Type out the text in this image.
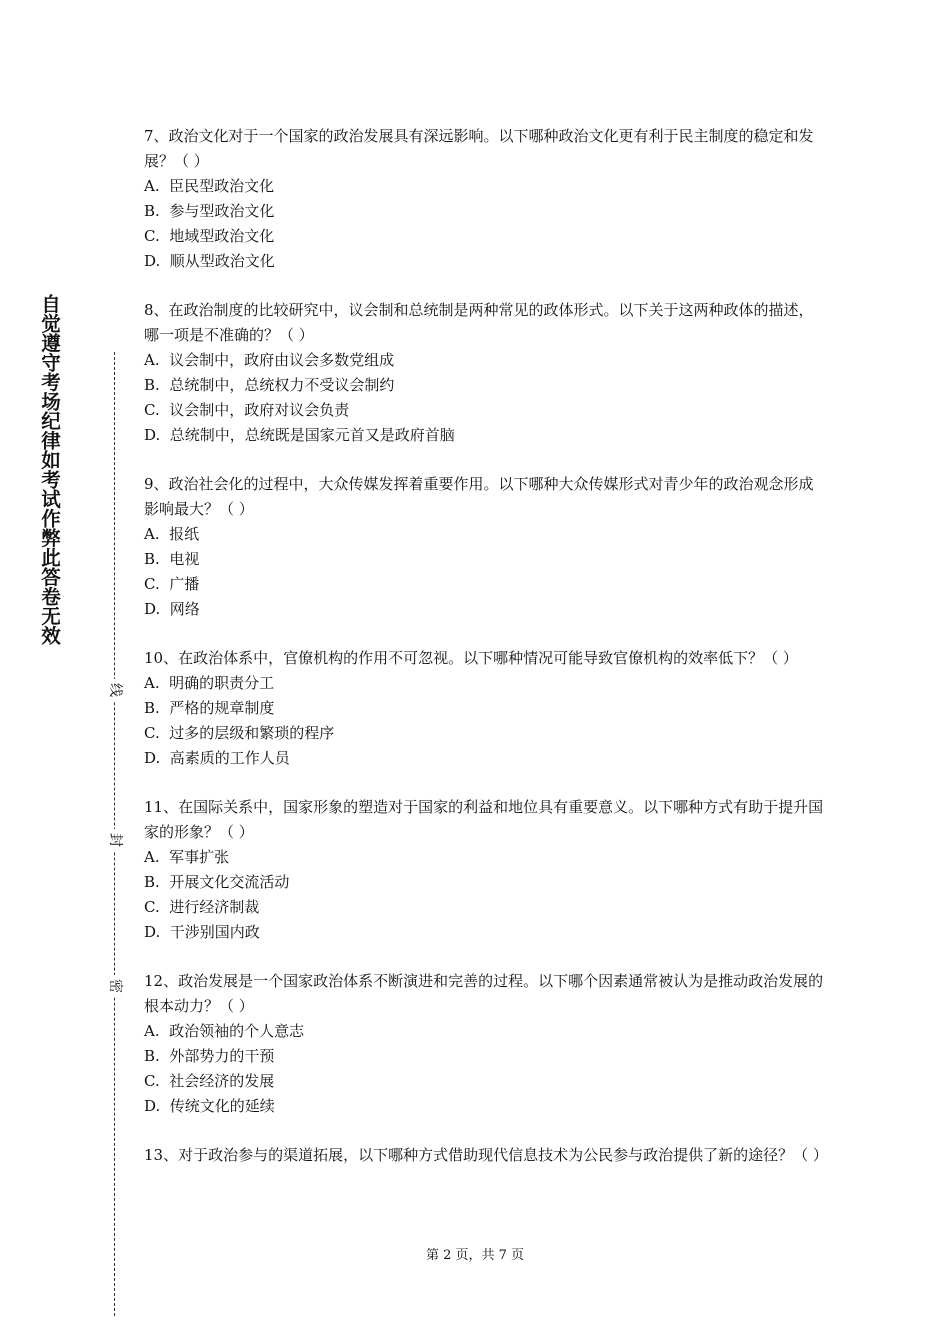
自觉遵守考场纪律如考试作弊此答卷无效
线
封
密
7、政治文化对于一个国家的政治发展具有深远影响。以下哪种政治文化更有利于民主制度的稳定和发展？（ ）
A.  臣民型政治文化
B.  参与型政治文化
C.  地域型政治文化
D.  顺从型政治文化
8、在政治制度的比较研究中，议会制和总统制是两种常见的政体形式。以下关于这两种政体的描述，哪一项是不准确的？（ ）
A.  议会制中，政府由议会多数党组成
B.  总统制中，总统权力不受议会制约
C.  议会制中，政府对议会负责
D.  总统制中，总统既是国家元首又是政府首脑
9、政治社会化的过程中，大众传媒发挥着重要作用。以下哪种大众传媒形式对青少年的政治观念形成影响最大？（ ）
A.  报纸
B.  电视
C.  广播
D.  网络
10、在政治体系中，官僚机构的作用不可忽视。以下哪种情况可能导致官僚机构的效率低下？（ ）
A.  明确的职责分工
B.  严格的规章制度
C.  过多的层级和繁琐的程序
D.  高素质的工作人员
11、在国际关系中，国家形象的塑造对于国家的利益和地位具有重要意义。以下哪种方式有助于提升国家的形象？（ ）
A.  军事扩张
B.  开展文化交流活动
C.  进行经济制裁
D.  干涉别国内政
12、政治发展是一个国家政治体系不断演进和完善的过程。以下哪个因素通常被认为是推动政治发展的根本动力？（ ）
A.  政治领袖的个人意志
B.  外部势力的干预
C.  社会经济的发展
D.  传统文化的延续
13、对于政治参与的渠道拓展，以下哪种方式借助现代信息技术为公民参与政治提供了新的途径？（ ）
第 2 页，共 7 页
